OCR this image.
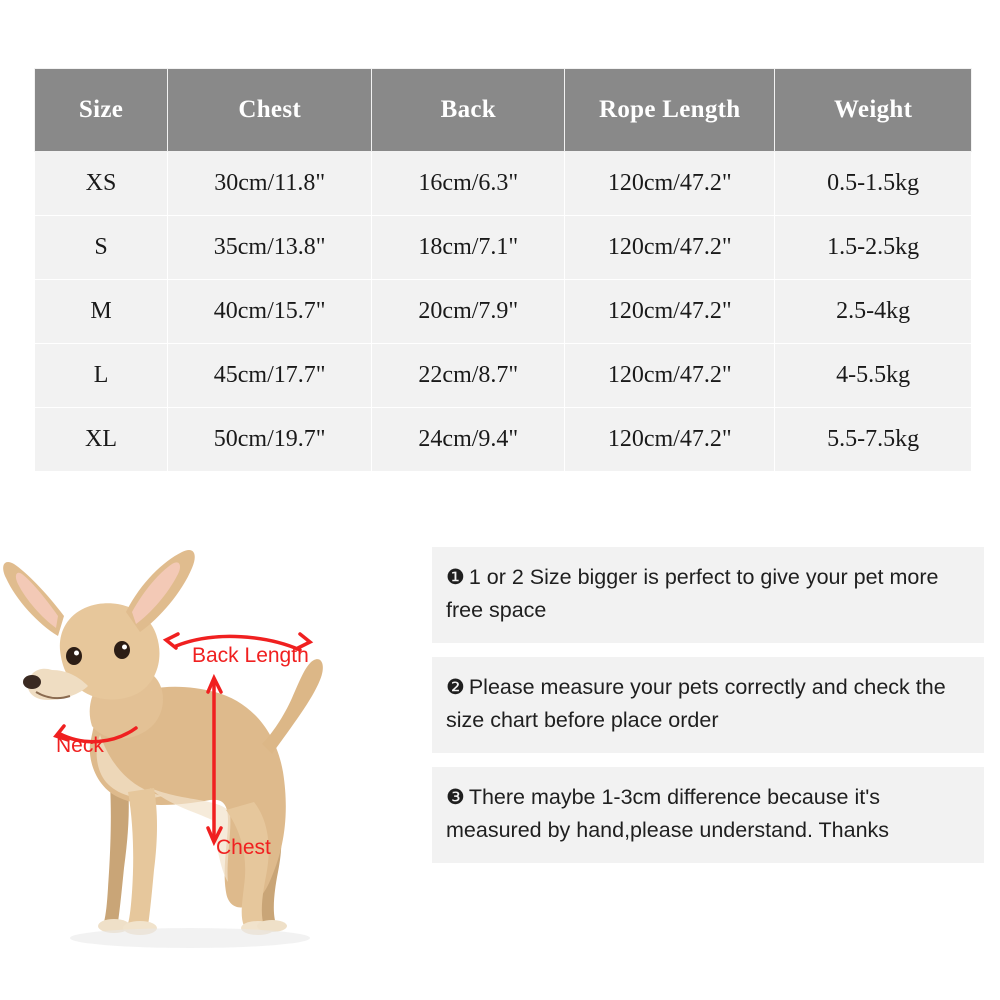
Size	Chest	Back	Rope Length	Weight
XS	30cm/11.8"	16cm/6.3"	120cm/47.2"	0.5-1.5kg
S	35cm/13.8"	18cm/7.1"	120cm/47.2"	1.5-2.5kg
M	40cm/15.7"	20cm/7.9"	120cm/47.2"	2.5-4kg
L	45cm/17.7"	22cm/8.7"	120cm/47.2"	4-5.5kg
XL	50cm/19.7"	24cm/9.4"	120cm/47.2"	5.5-7.5kg
Back Length
Neck
Chest
❶ 1 or 2 Size bigger is perfect to give your pet more free space
❷ Please measure your pets correctly and check the size chart before place order
❸ There maybe 1-3cm difference because it's measured by hand,please understand. Thanks
